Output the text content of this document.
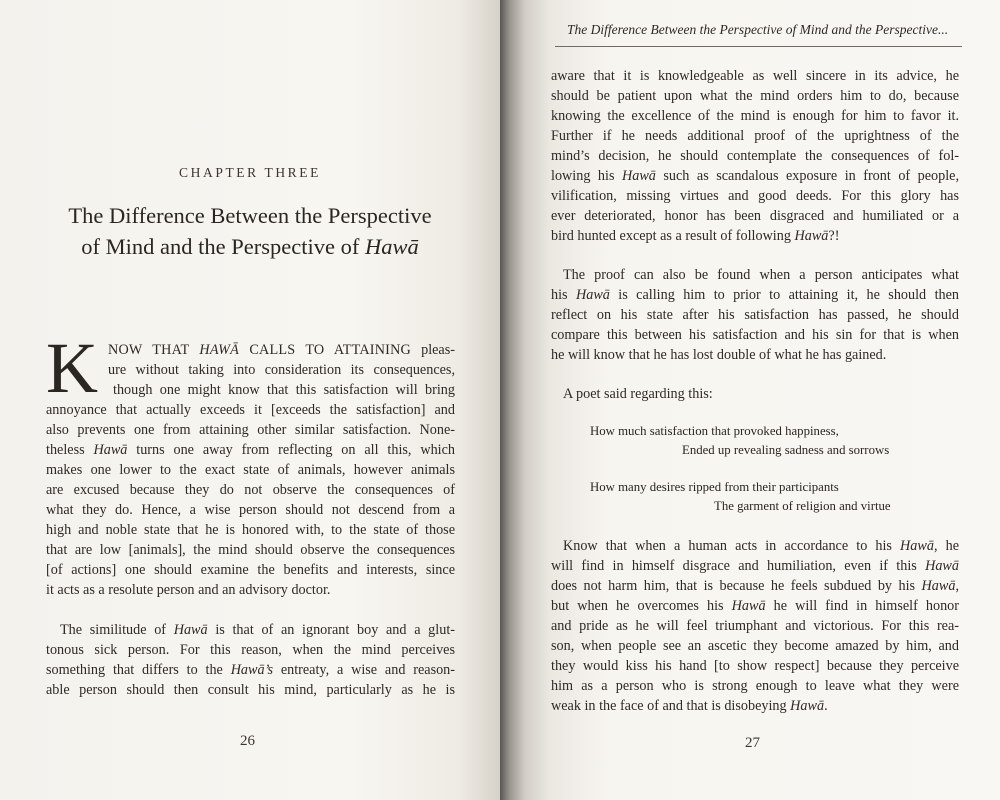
CHAPTER THREE
The Difference Between the Perspective
of Mind and the Perspective of Hawā
K NOW THAT HAWĀ CALLS TO ATTAINING pleas-
ure without taking into consideration its consequences,
though one might know that this satisfaction will bring
annoyance that actually exceeds it [exceeds the satisfaction] and
also prevents one from attaining other similar satisfaction. None-
theless Hawā turns one away from reflecting on all this, which
makes one lower to the exact state of animals, however animals
are excused because they do not observe the consequences of
what they do. Hence, a wise person should not descend from a
high and noble state that he is honored with, to the state of those
that are low [animals], the mind should observe the consequences
[of actions] one should examine the benefits and interests, since
it acts as a resolute person and an advisory doctor.
The similitude of Hawā is that of an ignorant boy and a glut-
tonous sick person. For this reason, when the mind perceives
something that differs to the Hawā’s entreaty, a wise and reason-
able person should then consult his mind, particularly as he is
26
The Difference Between the Perspective of Mind and the Perspective...
aware that it is knowledgeable as well sincere in its advice, he
should be patient upon what the mind orders him to do, because
knowing the excellence of the mind is enough for him to favor it.
Further if he needs additional proof of the uprightness of the
mind’s decision, he should contemplate the consequences of fol-
lowing his Hawā such as scandalous exposure in front of people,
vilification, missing virtues and good deeds. For this glory has
ever deteriorated, honor has been disgraced and humiliated or a
bird hunted except as a result of following Hawā?!
The proof can also be found when a person anticipates what
his Hawā is calling him to prior to attaining it, he should then
reflect on his state after his satisfaction has passed, he should
compare this between his satisfaction and his sin for that is when
he will know that he has lost double of what he has gained.
A poet said regarding this:
How much satisfaction that provoked happiness,
Ended up revealing sadness and sorrows
How many desires ripped from their participants
The garment of religion and virtue
Know that when a human acts in accordance to his Hawā, he
will find in himself disgrace and humiliation, even if this Hawā
does not harm him, that is because he feels subdued by his Hawā,
but when he overcomes his Hawā he will find in himself honor
and pride as he will feel triumphant and victorious. For this rea-
son, when people see an ascetic they become amazed by him, and
they would kiss his hand [to show respect] because they perceive
him as a person who is strong enough to leave what they were
weak in the face of and that is disobeying Hawā.
27
